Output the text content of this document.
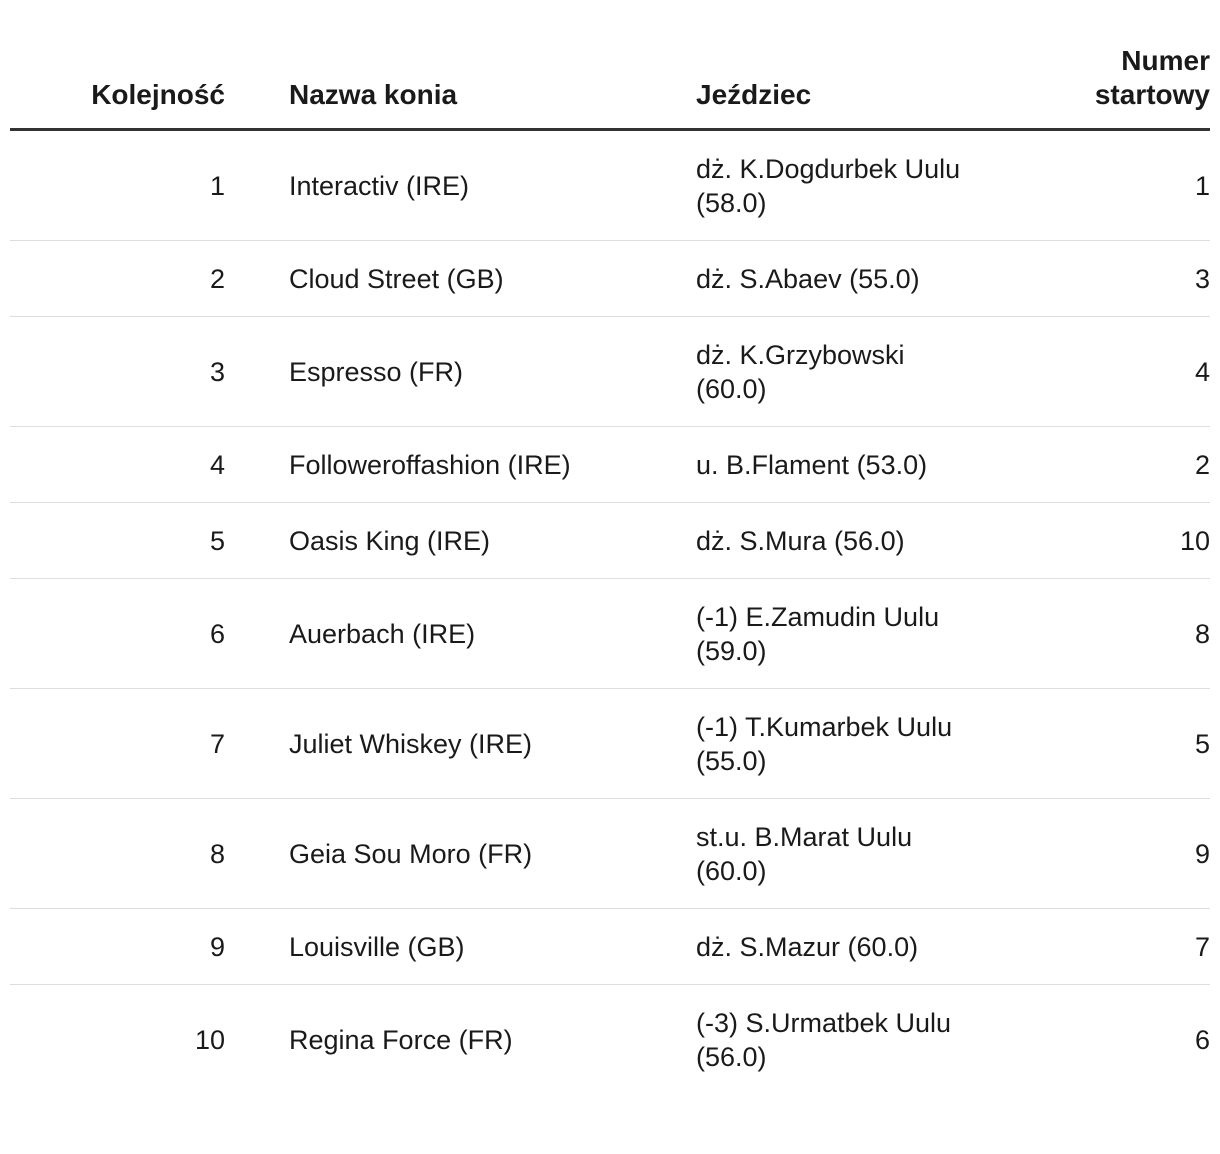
Kolejność	Nazwa konia	Jeździec	Numer
startowy
1	Interactiv (IRE)	dż. K.Dogdurbek Uulu (58.0)	1
2	Cloud Street (GB)	dż. S.Abaev (55.0)	3
3	Espresso (FR)	dż. K.Grzybowski (60.0)	4
4	Followeroffashion (IRE)	u. B.Flament (53.0)	2
5	Oasis King (IRE)	dż. S.Mura (56.0)	10
6	Auerbach (IRE)	(-1) E.Zamudin Uulu (59.0)	8
7	Juliet Whiskey (IRE)	(-1) T.Kumarbek Uulu (55.0)	5
8	Geia Sou Moro (FR)	st.u. B.Marat Uulu (60.0)	9
9	Louisville (GB)	dż. S.Mazur (60.0)	7
10	Regina Force (FR)	(-3) S.Urmatbek Uulu (56.0)	6
